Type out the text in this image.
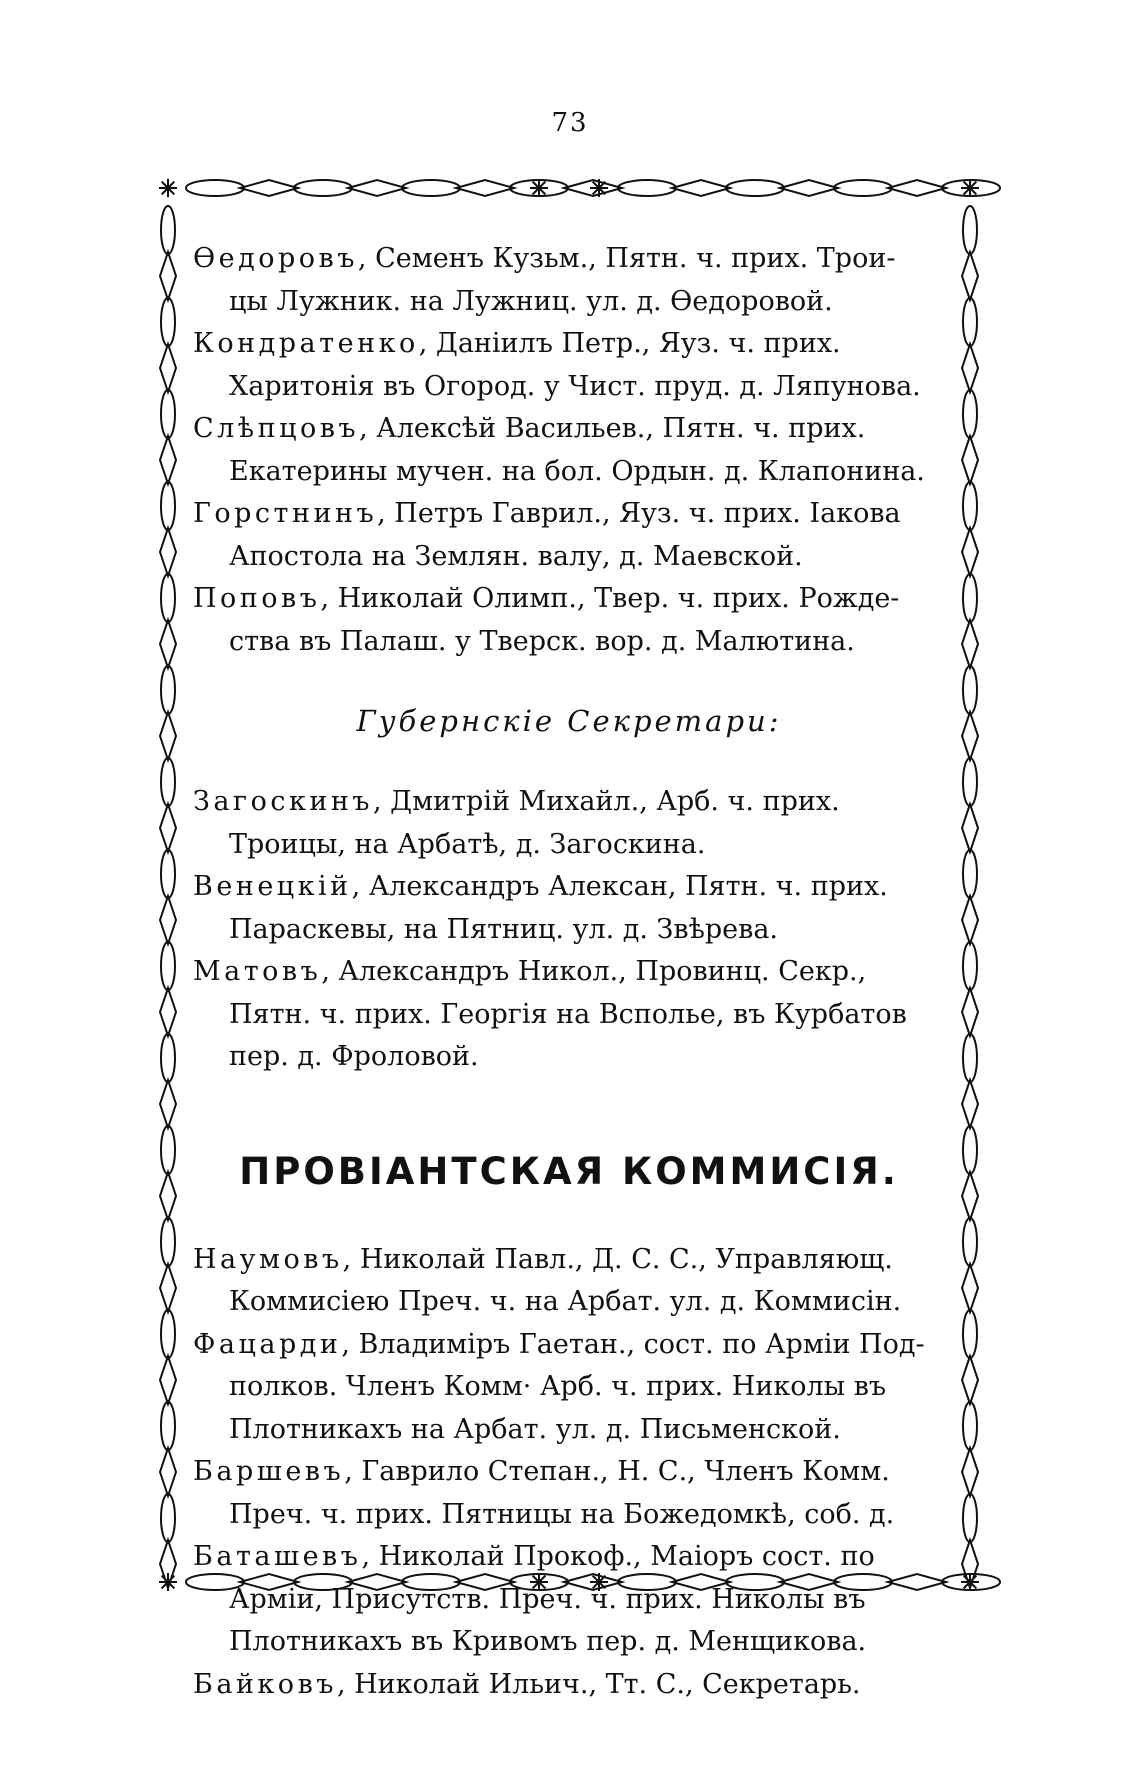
73
Ѳедоровъ, Семенъ Кузьм., Пятн. ч. прих. Трои-
цы Лужник. на Лужниц. ул. д. Ѳедоровой.
Кондратенко, Даніилъ Петр., Яуз. ч. прих.
Харитонія въ Огород. у Чист. пруд. д. Ляпунова.
Слѣпцовъ, Алексѣй Васильев., Пятн. ч. прих.
Екатерины мучен. на бол. Ордын. д. Клапонина.
Горстнинъ, Петръ Гаврил., Яуз. ч. прих. Іакова
Апостола на Землян. валу, д. Маевской.
Поповъ, Николай Олимп., Твер. ч. прих. Рожде-
ства въ Палаш. у Тверск. вор. д. Малютина.
Губернскіе Секретари:
Загоскинъ, Дмитрій Михайл., Арб. ч. прих.
Троицы, на Арбатѣ, д. Загоскина.
Венецкій, Александръ Алексан, Пятн. ч. прих.
Параскевы, на Пятниц. ул. д. Звѣрева.
Матовъ, Александръ Никол., Провинц. Секр.,
Пятн. ч. прих. Георгія на Всполье, въ Курбатов
пер. д. Фроловой.
ПРОВІАНТСКАЯ КОММИСІЯ.
Наумовъ, Николай Павл., Д. С. С., Управляющ.
Коммисіею Преч. ч. на Арбат. ул. д. Коммисін.
Фацарди, Владиміръ Гаетан., сост. по Арміи Под-
полков. Членъ Комм· Арб. ч. прих. Николы въ
Плотникахъ на Арбат. ул. д. Письменской.
Баршевъ, Гаврило Степан., Н. С., Членъ Комм.
Преч. ч. прих. Пятницы на Божедомкѣ, соб. д.
Баташевъ, Николай Прокоф., Маіоръ сост. по
Арміи, Присутств. Преч. ч. прих. Николы въ
Плотникахъ въ Кривомъ пер. д. Менщикова.
Байковъ, Николай Ильич., Тт. С., Секретарь.
